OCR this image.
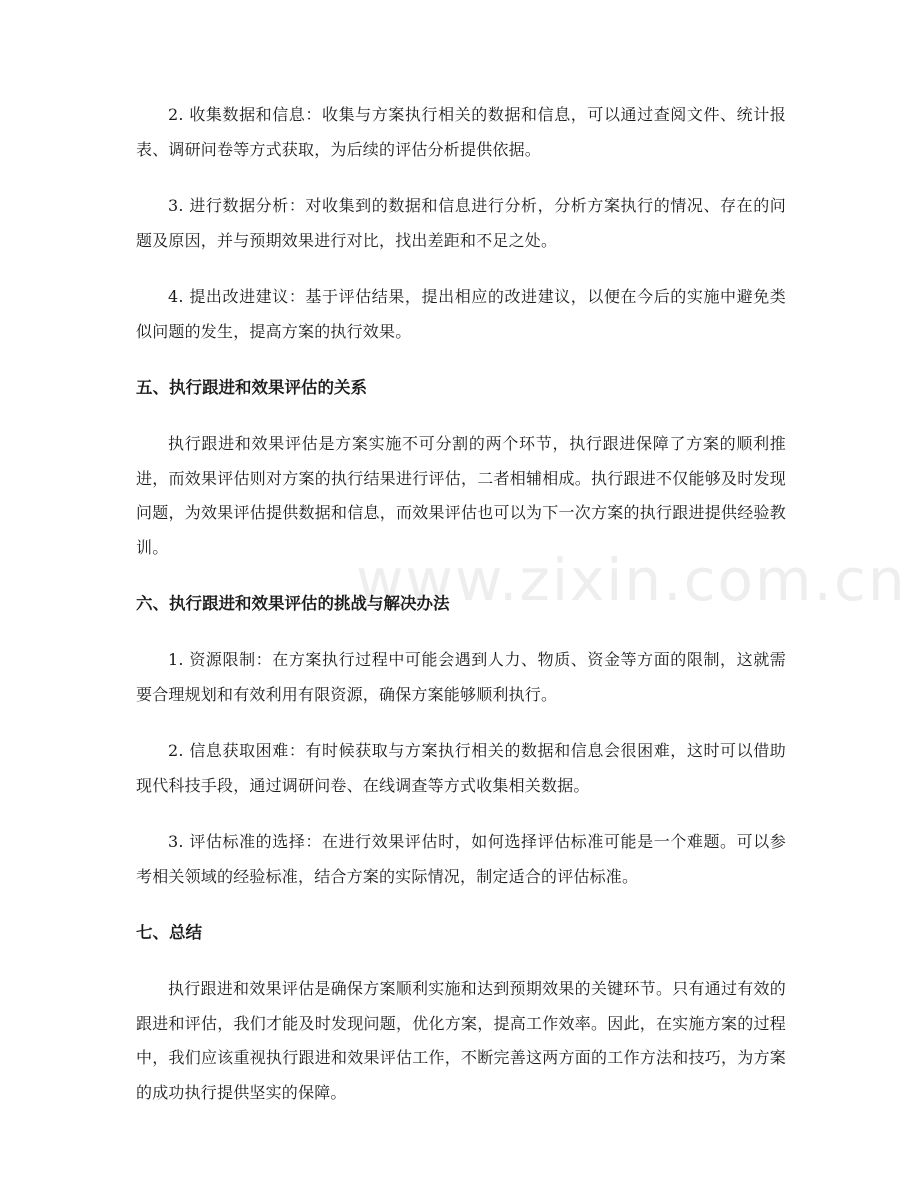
www.zixin.com.cn

2. 收集数据和信息：收集与方案执行相关的数据和信息，可以通过查阅文件、统计报表、调研问卷等方式获取，为后续的评估分析提供依据。

3. 进行数据分析：对收集到的数据和信息进行分析，分析方案执行的情况、存在的问题及原因，并与预期效果进行对比，找出差距和不足之处。

4. 提出改进建议：基于评估结果，提出相应的改进建议，以便在今后的实施中避免类似问题的发生，提高方案的执行效果。

五、执行跟进和效果评估的关系

执行跟进和效果评估是方案实施不可分割的两个环节，执行跟进保障了方案的顺利推进，而效果评估则对方案的执行结果进行评估，二者相辅相成。执行跟进不仅能够及时发现问题，为效果评估提供数据和信息，而效果评估也可以为下一次方案的执行跟进提供经验教训。

六、执行跟进和效果评估的挑战与解决办法

1. 资源限制：在方案执行过程中可能会遇到人力、物质、资金等方面的限制，这就需要合理规划和有效利用有限资源，确保方案能够顺利执行。

2. 信息获取困难：有时候获取与方案执行相关的数据和信息会很困难，这时可以借助现代科技手段，通过调研问卷、在线调查等方式收集相关数据。

3. 评估标准的选择：在进行效果评估时，如何选择评估标准可能是一个难题。可以参考相关领域的经验标准，结合方案的实际情况，制定适合的评估标准。

七、总结

执行跟进和效果评估是确保方案顺利实施和达到预期效果的关键环节。只有通过有效的跟进和评估，我们才能及时发现问题，优化方案，提高工作效率。因此，在实施方案的过程中，我们应该重视执行跟进和效果评估工作，不断完善这两方面的工作方法和技巧，为方案的成功执行提供坚实的保障。
